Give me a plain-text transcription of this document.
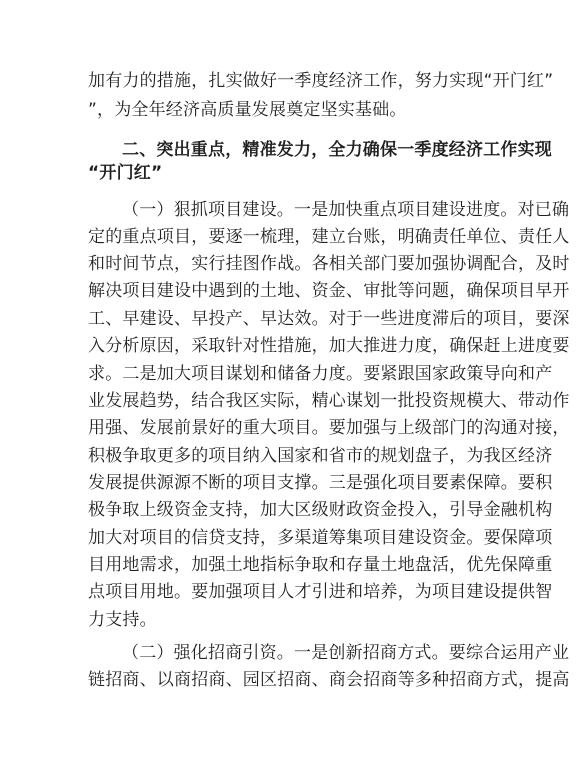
加有力的措施，扎实做好一季度经济工作，努力实现“开门红”
”，为全年经济高质量发展奠定坚实基础。
二、突出重点，精准发力，全力确保一季度经济工作实现
“开门红”
（一）狠抓项目建设。一是加快重点项目建设进度。对已确
定的重点项目，要逐一梳理，建立台账，明确责任单位、责任人
和时间节点，实行挂图作战。各相关部门要加强协调配合，及时
解决项目建设中遇到的土地、资金、审批等问题，确保项目早开
工、早建设、早投产、早达效。对于一些进度滞后的项目，要深
入分析原因，采取针对性措施，加大推进力度，确保赶上进度要
求。二是加大项目谋划和储备力度。要紧跟国家政策导向和产
业发展趋势，结合我区实际，精心谋划一批投资规模大、带动作
用强、发展前景好的重大项目。要加强与上级部门的沟通对接，
积极争取更多的项目纳入国家和省市的规划盘子，为我区经济
发展提供源源不断的项目支撑。三是强化项目要素保障。要积
极争取上级资金支持，加大区级财政资金投入，引导金融机构
加大对项目的信贷支持，多渠道筹集项目建设资金。要保障项
目用地需求，加强土地指标争取和存量土地盘活，优先保障重
点项目用地。要加强项目人才引进和培养，为项目建设提供智
力支持。
（二）强化招商引资。一是创新招商方式。要综合运用产业
链招商、以商招商、园区招商、商会招商等多种招商方式，提高
